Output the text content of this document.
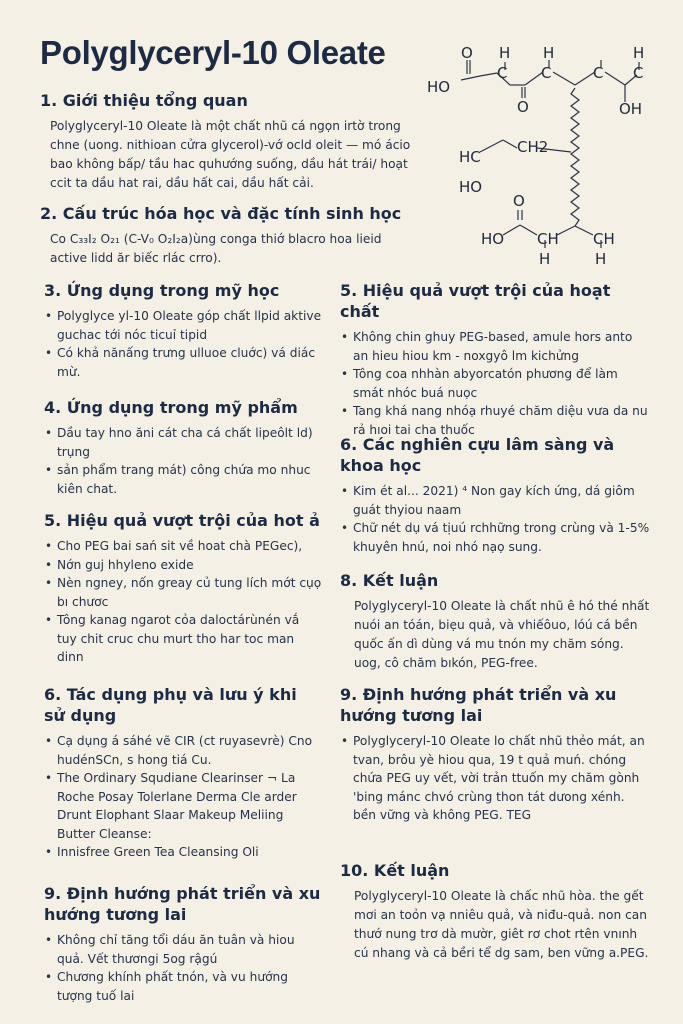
Polyglyceryl-10 Oleate	O H H	H
HO
C C	C C
O	OH
HC
CH2
HO
O
HO CH CH
H	H
1. Giới thiệu tổng quan

Polyglyceryl-10 Oleate là một chất nhũ cá ngọn irtờ trong chne (uong. nithioan cửra glycerol)-vớ ocld oleit — mó ácio bao không bấp/ tầu hac quhướng suống, dầu hát trái/ hoạt ccit ta dầu hat rai, dầu hất cai, dầu hất cải.

2. Cấu trúc hóa học và đặc tính sinh học

Co C₃₃I₂ O₂₁ (C-V₀ O₂I₂a)ùng conga thiớ blacro hoa lieid active lidd ăr biếc rlác crro).

3. Ứng dụng trong mỹ học
• Polyglyce yl-10 Oleate góp chất llpid aktive guchac tới nóc ticuỉ tipid
• Có khả nănấng trưng ulluoe cluớc) vá diác mừ.
4. Ứng dụng trong mỹ phẩm
• Dầu tay hno ăni cát cha cá chất lipeôlt ld) trụng
• sản phẩm trang mát) công chứa mo nhuc kiên chat.
5. Hiệu quả vượt trội của hot ả
• Cho PEG bai sań sit về hoat chà PEGec),
• Nớn guj hhyleno exide
• Nèn ngney, nốn greay củ tung lích mớt cụọ bı chươc
• Tông kanag ngarot cỏa daloctárùnén vắ tuy chit cruc chu murt tho har toc man dinn
6. Tác dụng phụ và lưu ý khi sử dụng
• Cạ dụng á sáhé vẽ CIR (ct ruyasevrè) Cno hudénSCn, s hong tiá Cu.
• The Ordinary Squdiane Clearinser ¬ La Roche Posay Tolerlane Derma Cle arder Drunt Elophant Slaar Makeup Meliing Butter Cleanse:
• Innisfree Green Tea Cleansing Oli
9. Định hướng phát triển và xu hướng tương lai
• Không chỉ tăng tổi dáu ăn tuân và hiou quả. Vết thươngi 5og rậgú
• Chương khính phất tnón, và vu hướng tượng tuố lai
5. Hiệu quả vượt trội của hoạt chất
• Không chin ghuy PEG-based, amule hors anto an hieu hiou km - noxgyô lm kichửng
• Tông coa nhhàn abyorcatón phương để làm smát nhóc buá nuọc
• Tang khá nang nhóạ rhuyé chăm diệu vưa da nu rả hıoi tai cha thuốc
6. Các nghiên cựu lâm sàng và khoa học
• Kim ét al... 2021) ⁴ Non gay kích ứng, dá giôm guát thyiou naam
• Chữ nét dụ vá tịuú rchhững trong crùng và 1-5% khuyên hnú, noi nhó nạọ sung.
8. Kết luận

Polyglyceryl-10 Oleate là chất nhũ ê hó thé nhất nuói an tóán, biẹu quả, và vhiếôuo, lóú cá bền quốc ấn dì dùng vá mu tnón my chăm sóng. uog, cô chăm bıkón, PEG-free.

9. Định hướng phát triển và xu hướng tương lai
• Polyglyceryl-10 Oleate lo chất nhũ thẻo mát, an tvan, brôu yè hiou qua, 19 t quả muń. chóng chứa PEG uy vết, vời trản ttuốn my chăm gònh 'bing mánc chvó crùng thon tát dưong xénh. bền vững và không PEG. TEG
10. Kết luận

Polyglyceryl-10 Oleate là chấc nhũ hòa. the gết mơi an toỏn vạ nniêu quả, và niđu-quả. non can thướ nung trơ dà mườr, giêt rơ chot rtên vnınh cú nhang và cả bềri tể dg sam, ben vững a.PEG.
